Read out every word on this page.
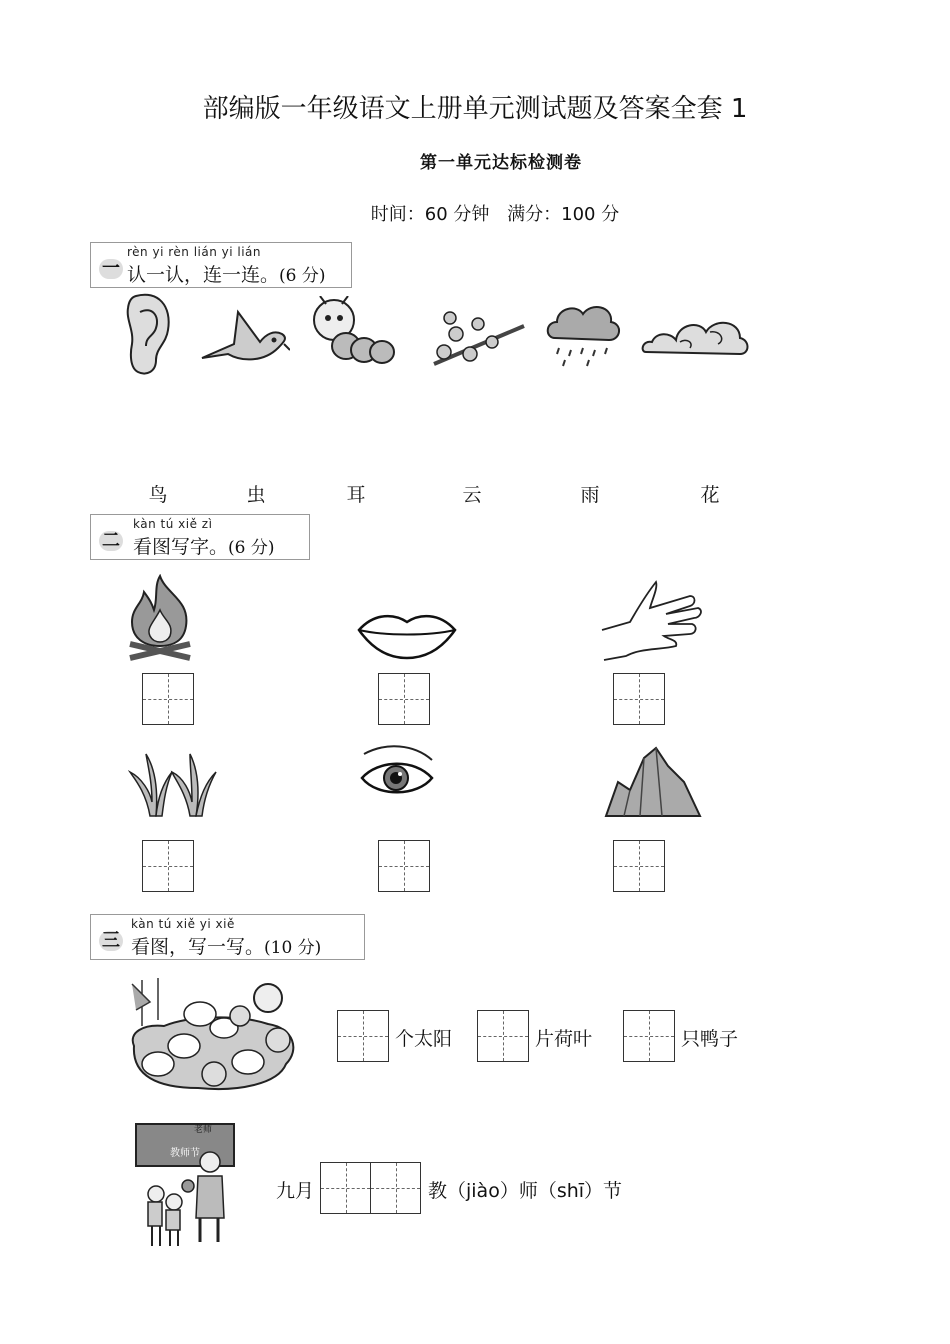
部编版一年级语文上册单元测试题及答案全套 1
第一单元达标检测卷
时间：60 分钟 满分：100 分
一
rèn yi rèn lián yi lián
认一认，连一连。(6 分)
鸟	虫	耳	云	雨	花
二
kàn tú xiě zì
看图写字。(6 分)
三
kàn tú xiě yi xiě
看图，写一写。(10 分)
个太阳	片荷叶	只鸭子
老师
教师节
九月	教（jiào）师（shī）节
